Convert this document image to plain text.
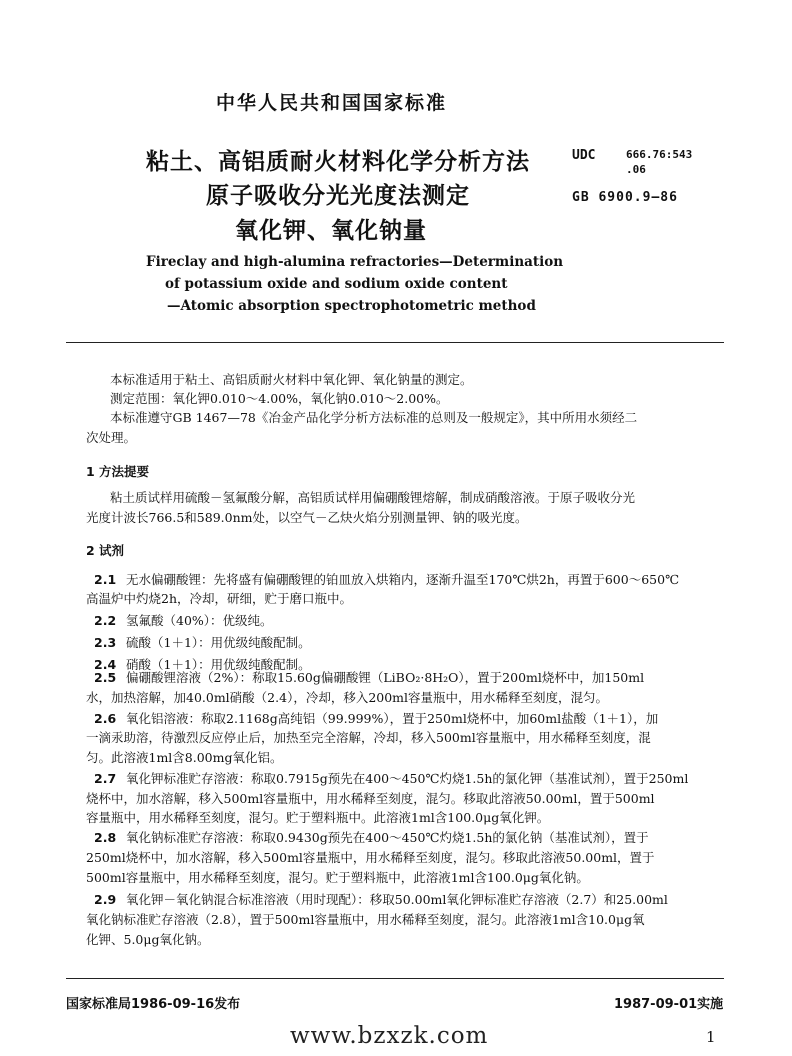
中华人民共和国国家标准
粘土、高铝质耐火材料化学分析方法
原子吸收分光光度法测定
氧化钾、氧化钠量
UDC	666.76:543
.06
GB 6900.9—86
Fireclay and high-alumina refractories—Determination
of potassium oxide and sodium oxide content
—Atomic absorption spectrophotometric method
本标准适用于粘土、高铝质耐火材料中氧化钾、氧化钠量的测定。
测定范围：氧化钾0.010～4.00%，氧化钠0.010～2.00%。
本标准遵守GB 1467—78《冶金产品化学分析方法标准的总则及一般规定》，其中所用水须经二
次处理。
1 方法提要
粘土质试样用硫酸－氢氟酸分解，高铝质试样用偏硼酸锂熔解，制成硝酸溶液。于原子吸收分光
光度计波长766.5和589.0nm处，以空气－乙炔火焰分别测量钾、钠的吸光度。
2 试剂
2.1 无水偏硼酸锂：先将盛有偏硼酸锂的铂皿放入烘箱内，逐渐升温至170℃烘2h，再置于600～650℃
高温炉中灼烧2h，冷却，研细，贮于磨口瓶中。
2.2 氢氟酸（40%）：优级纯。
2.3 硫酸（1＋1）：用优级纯酸配制。
2.4 硝酸（1＋1）：用优级纯酸配制。
2.5 偏硼酸锂溶液（2%）：称取15.60g偏硼酸锂（LiBO₂·8H₂O），置于200ml烧杯中，加150ml
水，加热溶解，加40.0ml硝酸（2.4），冷却，移入200ml容量瓶中，用水稀释至刻度，混匀。
2.6 氧化铝溶液：称取2.1168g高纯铝（99.999%），置于250ml烧杯中，加60ml盐酸（1＋1），加
一滴汞助溶，待激烈反应停止后，加热至完全溶解，冷却，移入500ml容量瓶中，用水稀释至刻度，混
匀。此溶液1ml含8.00mg氧化铝。
2.7 氧化钾标准贮存溶液：称取0.7915g预先在400～450℃灼烧1.5h的氯化钾（基准试剂），置于250ml
烧杯中，加水溶解，移入500ml容量瓶中，用水稀释至刻度，混匀。移取此溶液50.00ml，置于500ml
容量瓶中，用水稀释至刻度，混匀。贮于塑料瓶中。此溶液1ml含100.0μg氧化钾。
2.8 氧化钠标准贮存溶液：称取0.9430g预先在400～450℃灼烧1.5h的氯化钠（基准试剂），置于
250ml烧杯中，加水溶解，移入500ml容量瓶中，用水稀释至刻度，混匀。移取此溶液50.00ml，置于
500ml容量瓶中，用水稀释至刻度，混匀。贮于塑料瓶中，此溶液1ml含100.0μg氧化钠。
2.9 氧化钾－氧化钠混合标准溶液（用时现配）：移取50.00ml氧化钾标准贮存溶液（2.7）和25.00ml
氧化钠标准贮存溶液（2.8），置于500ml容量瓶中，用水稀释至刻度，混匀。此溶液1ml含10.0μg氧
化钾、5.0μg氧化钠。
国家标准局1986-09-16发布	1987-09-01实施
www.bzxzk.com	1
